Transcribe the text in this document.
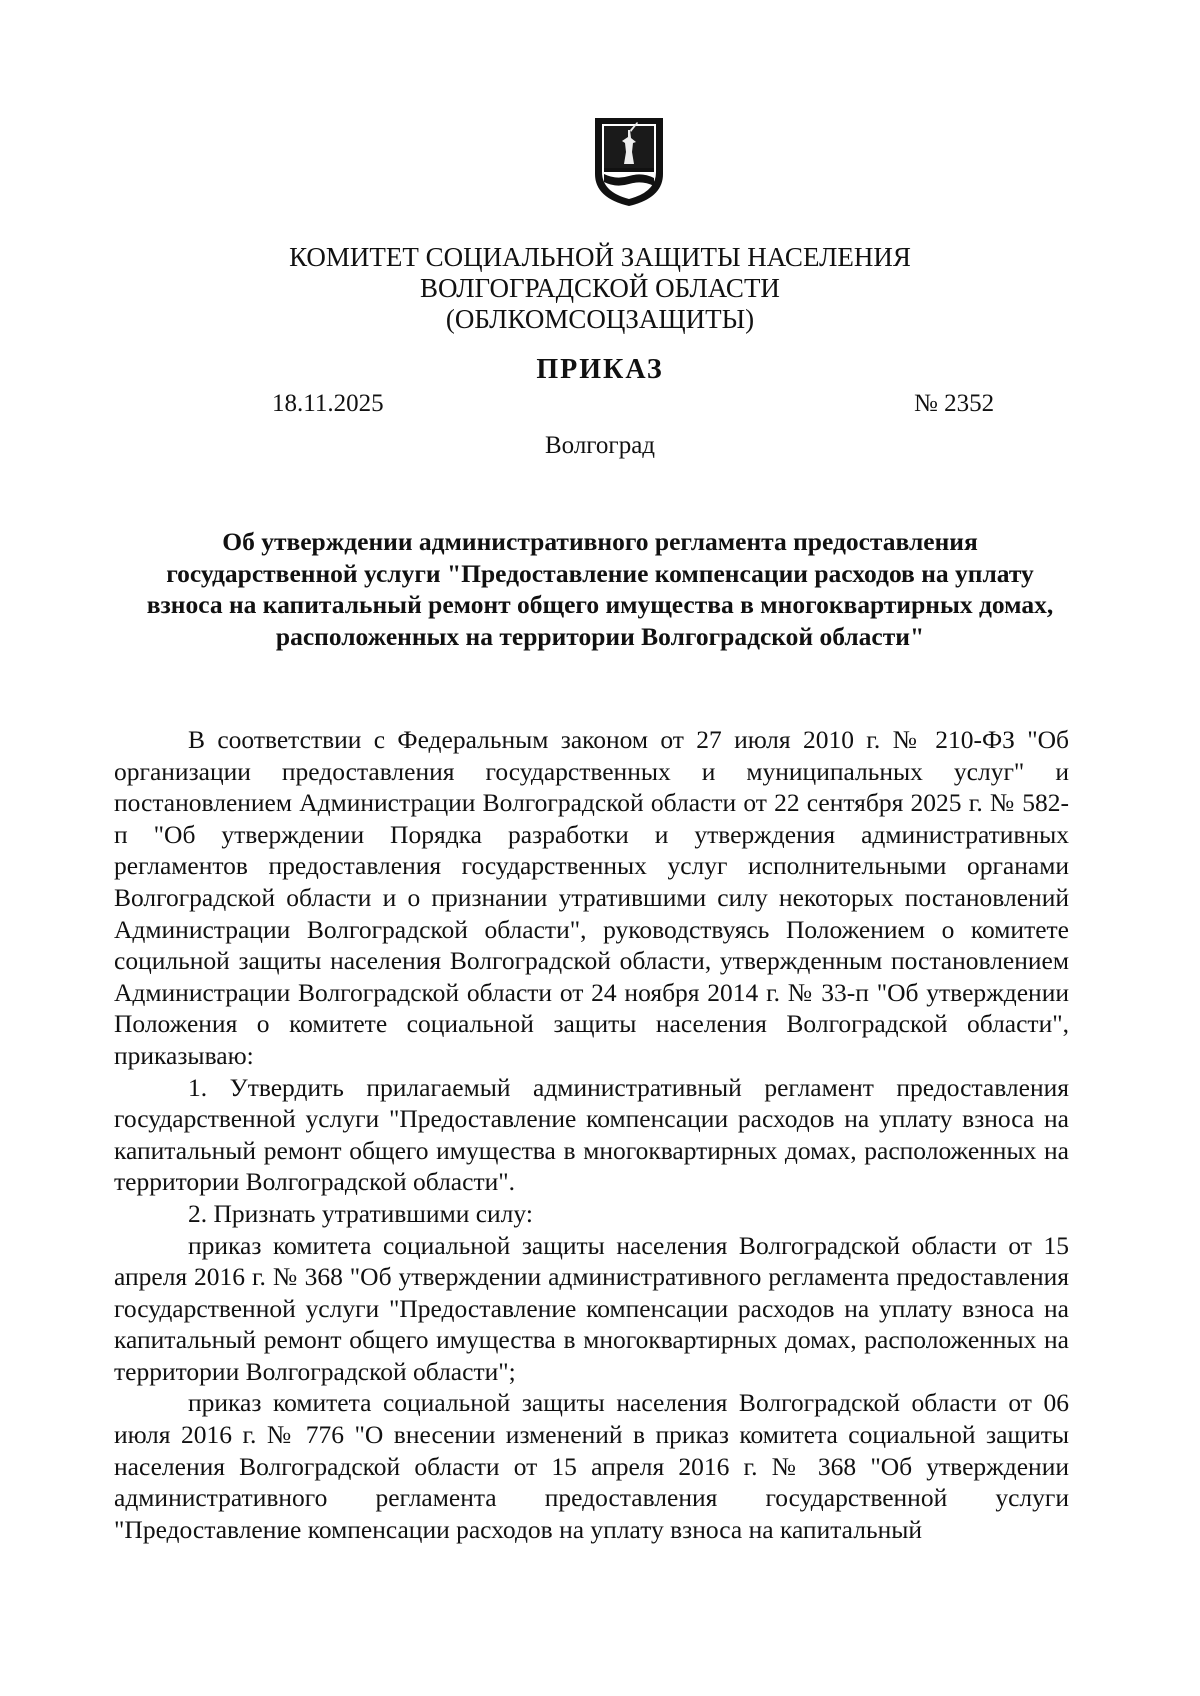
КОМИТЕТ СОЦИАЛЬНОЙ ЗАЩИТЫ НАСЕЛЕНИЯ
ВОЛГОГРАДСКОЙ ОБЛАСТИ
(ОБЛКОМСОЦЗАЩИТЫ)
ПРИКАЗ
18.11.2025	№ 2352
Волгоград
Об утверждении административного регламента предоставления государственной услуги "Предоставление компенсации расходов на уплату взноса на капитальный ремонт общего имущества в многоквартирных домах, расположенных на территории Волгоградской области"

В соответствии с Федеральным законом от 27 июля 2010 г. № 210-ФЗ "Об организации предоставления государственных и муниципальных услуг" и постановлением Администрации Волгоградской области от 22 сентября 2025 г. № 582-п "Об утверждении Порядка разработки и утверждения административных регламентов предоставления государственных услуг исполнительными органами Волгоградской области и о признании утратившими силу некоторых постановлений Администрации Волгоградской области", руководствуясь Положением о комитете социльной защиты населения Волгоградской области, утвержденным постановлением Администрации Волгоградской области от 24 ноября 2014 г. № 33-п "Об утверждении Положения о комитете социальной защиты населения Волгоградской области", приказываю:

1. Утвердить прилагаемый административный регламент предоставления государственной услуги "Предоставление компенсации расходов на уплату взноса на капитальный ремонт общего имущества в многоквартирных домах, расположенных на территории Волгоградской области".

2. Признать утратившими силу:

приказ комитета социальной защиты населения Волгоградской области от 15 апреля 2016 г. № 368 "Об утверждении административного регламента предоставления государственной услуги "Предоставление компенсации расходов на уплату взноса на капитальный ремонт общего имущества в многоквартирных домах, расположенных на территории Волгоградской области";

приказ комитета социальной защиты населения Волгоградской области от 06 июля 2016 г. № 776 "О внесении изменений в приказ комитета социальной защиты населения Волгоградской области от 15 апреля 2016 г. № 368 "Об утверждении административного регламента предоставления государственной услуги "Предоставление компенсации расходов на уплату взноса на капитальный
